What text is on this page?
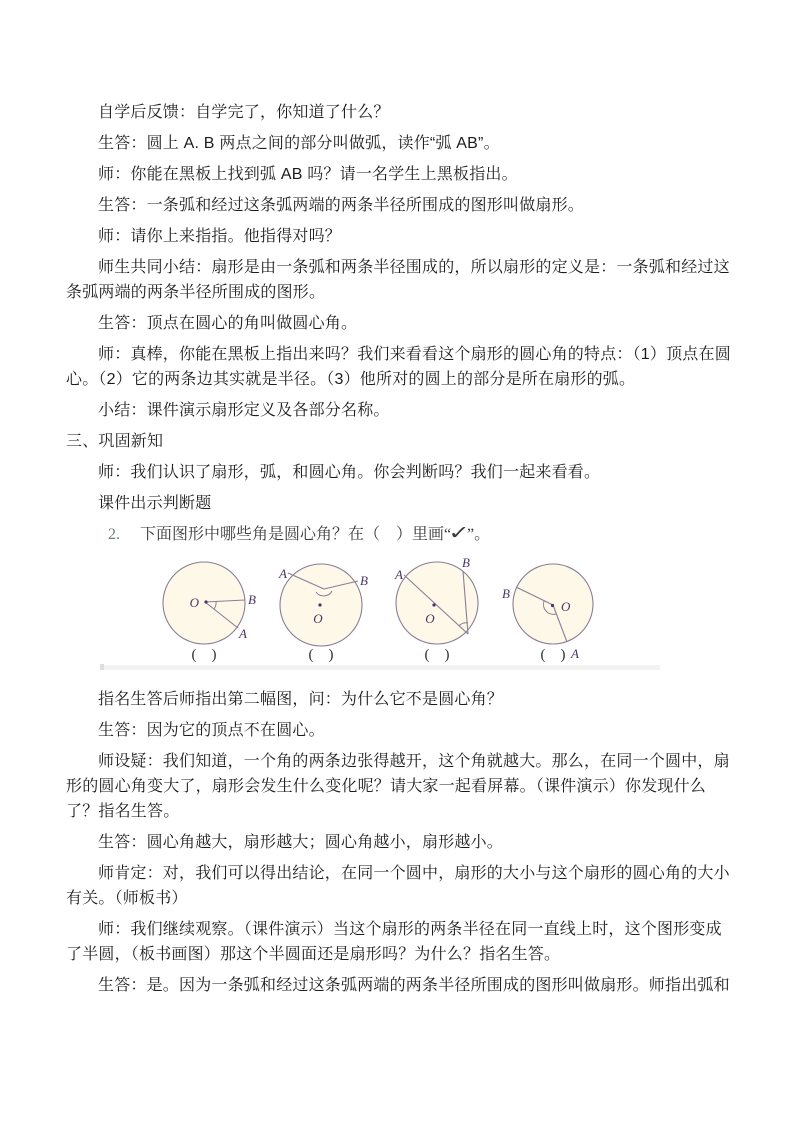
自学后反馈：自学完了，你知道了什么？

生答：圆上 A. B 两点之间的部分叫做弧，读作“弧 AB”。

师：你能在黑板上找到弧 AB 吗？请一名学生上黑板指出。

生答：一条弧和经过这条弧两端的两条半径所围成的图形叫做扇形。

师：请你上来指指。他指得对吗？

师生共同小结：扇形是由一条弧和两条半径围成的，所以扇形的定义是：一条弧和经过这条弧两端的两条半径所围成的图形。

生答：顶点在圆心的角叫做圆心角。

师：真棒，你能在黑板上指出来吗？我们来看看这个扇形的圆心角的特点：（1）顶点在圆心。（2）它的两条边其实就是半径。（3）他所对的圆上的部分是所在扇形的弧。

小结：课件演示扇形定义及各部分名称。

三、巩固新知

师：我们认识了扇形，弧，和圆心角。你会判断吗？我们一起来看看。

课件出示判断题

2. 下面图形中哪些角是圆心角？在（　）里画“✓”。

O	B
A
O
A	B
O
A
B
O
B
A
(　)	(　)	(　)	(　)

指名生答后师指出第二幅图，问：为什么它不是圆心角？

生答：因为它的顶点不在圆心。

师设疑：我们知道，一个角的两条边张得越开，这个角就越大。那么，在同一个圆中，扇形的圆心角变大了，扇形会发生什么变化呢？请大家一起看屏幕。（课件演示）你发现什么了？指名生答。

生答：圆心角越大，扇形越大；圆心角越小，扇形越小。

师肯定：对，我们可以得出结论，在同一个圆中，扇形的大小与这个扇形的圆心角的大小有关。（师板书）

师：我们继续观察。（课件演示）当这个扇形的两条半径在同一直线上时，这个图形变成了半圆，（板书画图）那这个半圆面还是扇形吗？为什么？指名生答。

生答：是。因为一条弧和经过这条弧两端的两条半径所围成的图形叫做扇形。师指出弧和
